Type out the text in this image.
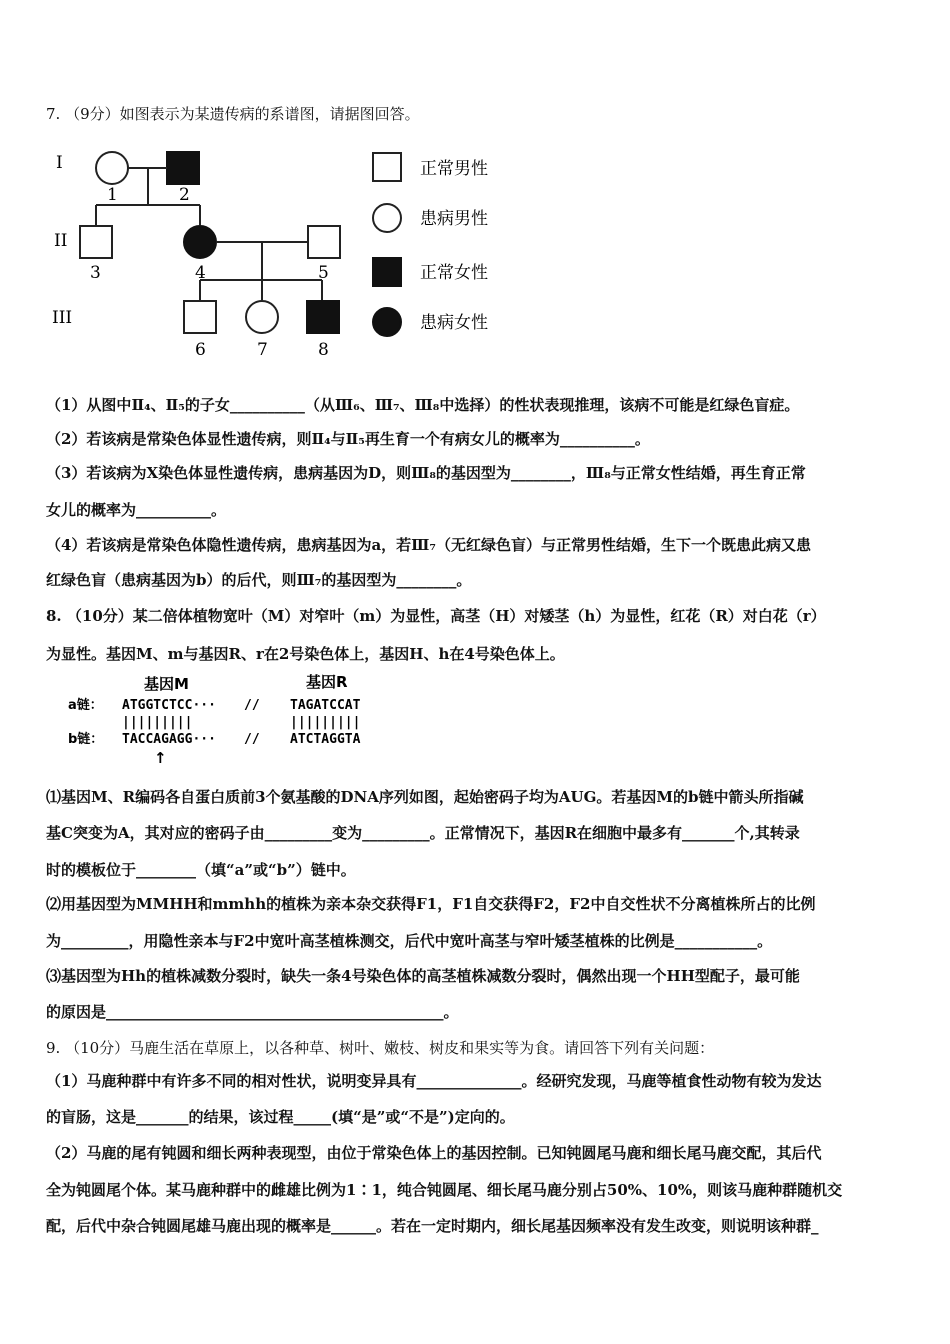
7. （9分）如图表示为某遗传病的系谱图，请据图回答。
I
II
III
1	2
3	4	5
6	7	8
正常男性
患病男性
正常女性
患病女性
（1）从图中Ⅱ₄、Ⅱ₅的子女__________（从Ⅲ₆、Ⅲ₇、Ⅲ₈中选择）的性状表现推理，该病不可能是红绿色盲症。
（2）若该病是常染色体显性遗传病，则Ⅱ₄与Ⅱ₅再生育一个有病女儿的概率为__________。
（3）若该病为X染色体显性遗传病，患病基因为D，则Ⅲ₈的基因型为________，Ⅲ₈与正常女性结婚，再生育正常
女儿的概率为__________。
（4）若该病是常染色体隐性遗传病，患病基因为a，若Ⅲ₇（无红绿色盲）与正常男性结婚，生下一个既患此病又患
红绿色盲（患病基因为b）的后代，则Ⅲ₇的基因型为________。
8. （10分）某二倍体植物宽叶（M）对窄叶（m）为显性，高茎（H）对矮茎（h）为显性，红花（R）对白花（r）
为显性。基因M、m与基因R、r在2号染色体上，基因H、h在4号染色体上。
基因M	基因R
a链： ATGGTCTCC··· // TAGATCCAT
|||||||||	|||||||||
b链： TACCAGAGG··· // ATCTAGGTA
↑
⑴基因M、R编码各自蛋白质前3个氨基酸的DNA序列如图，起始密码子均为AUG。若基因M的b链中箭头所指碱
基C突变为A，其对应的密码子由_________变为_________。正常情况下，基因R在细胞中最多有_______个,其转录
时的模板位于________（填“a”或“b”）链中。
⑵用基因型为MMHH和mmhh的植株为亲本杂交获得F1，F1自交获得F2，F2中自交性状不分离植株所占的比例
为_________，用隐性亲本与F2中宽叶高茎植株测交，后代中宽叶高茎与窄叶矮茎植株的比例是___________。
⑶基因型为Hh的植株减数分裂时，缺失一条4号染色体的高茎植株减数分裂时，偶然出现一个HH型配子，最可能
的原因是_____________________________________________。
9. （10分）马鹿生活在草原上，以各种草、树叶、嫩枝、树皮和果实等为食。请回答下列有关问题：
（1）马鹿种群中有许多不同的相对性状，说明变异具有______________。经研究发现，马鹿等植食性动物有较为发达
的盲肠，这是_______的结果，该过程_____(填“是”或“不是”)定向的。
（2）马鹿的尾有钝圆和细长两种表现型，由位于常染色体上的基因控制。已知钝圆尾马鹿和细长尾马鹿交配，其后代
全为钝圆尾个体。某马鹿种群中的雌雄比例为1∶1，纯合钝圆尾、细长尾马鹿分别占50%、10%，则该马鹿种群随机交
配，后代中杂合钝圆尾雄马鹿出现的概率是______。若在一定时期内，细长尾基因频率没有发生改变，则说明该种群_
